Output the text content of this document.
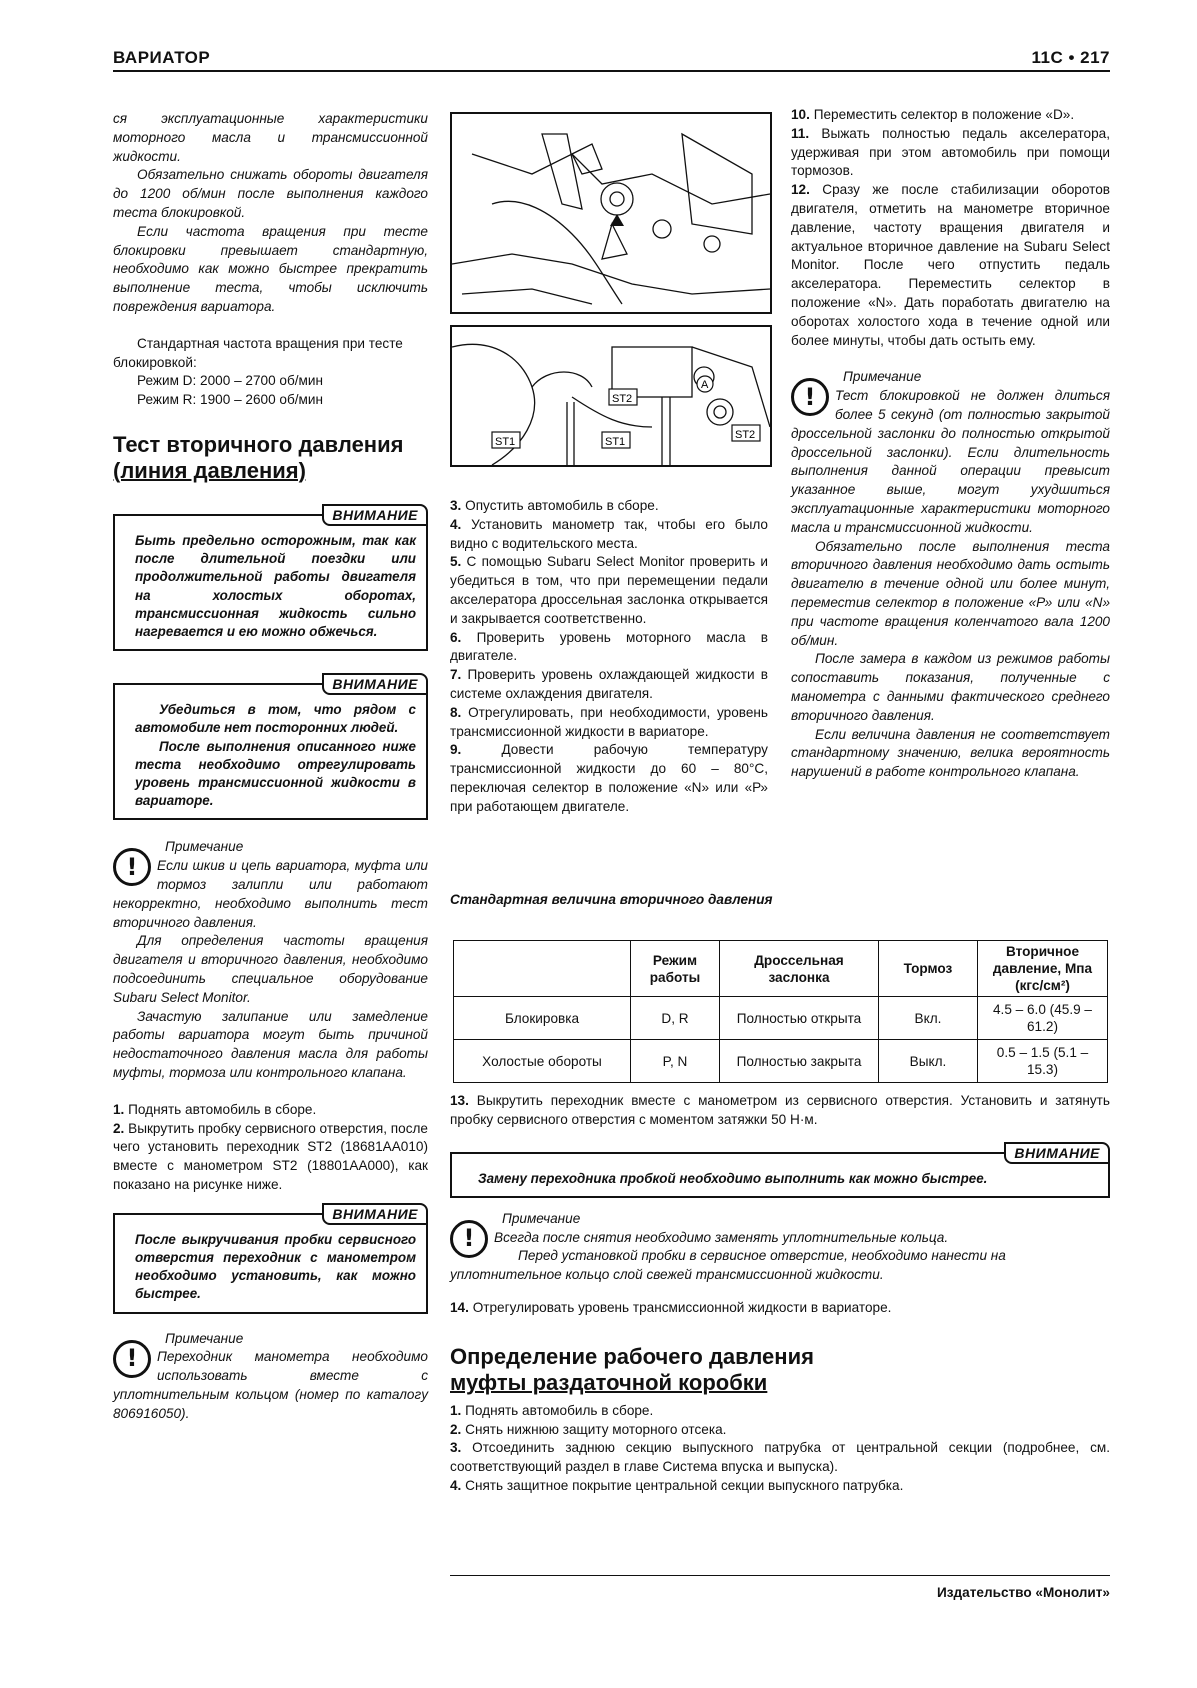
ВАРИАТОР	11С • 217

ся эксплуатационные характеристики моторного масла и трансмиссионной жидкости.

Обязательно снижать обороты двигателя до 1200 об/мин после выполнения каждого теста блокировкой.

Если частота вращения при тесте блокировки превышает стандартную, необходимо как можно быстрее прекратить выполнение теста, чтобы исключить повреждения вариатора.

Стандартная частота вращения при тесте блокировкой:

Режим D: 2000 – 2700 об/мин

Режим R: 1900 – 2600 об/мин

Тест вторичного давления
(линия давления)
ВНИМАНИЕ

Быть предельно осторожным, так как после длительной поездки или продолжительной работы двигателя на холостых оборотах, трансмиссионная жидкость сильно нагревается и ею можно обжечься.

ВНИМАНИЕ

Убедиться в том, что рядом с автомобиле нет посторонних людей.

После выполнения описанного ниже теста необходимо отрегулировать уровень трансмиссионной жидкости в вариаторе.

!

Примечание

Если шкив и цепь вариатора, муфта или тормоз залипли или работают некорректно, необходимо выполнить тест вторичного давления.

Для определения частоты вращения двигателя и вторичного давления, необходимо подсоединить специальное оборудование Subaru Select Monitor.

Зачастую залипание или замедление работы вариатора могут быть причиной недостаточного давления масла для работы муфты, тормоза или контрольного клапана.

1. Поднять автомобиль в сборе.

2. Выкрутить пробку сервисного отверстия, после чего установить переходник ST2 (18681AA010) вместе с манометром ST2 (18801AA000), как показано на рисунке ниже.

ВНИМАНИЕ

После выкручивания пробки сервисного отверстия переходник с манометром необходимо установить, как можно быстрее.

!

Примечание

Переходник манометра необходимо использовать вместе с уплотнительным кольцом (номер по каталогу 806916050).

ST2
ST1	ST1
ST2
A

3. Опустить автомобиль в сборе.

4. Установить манометр так, чтобы его было видно с водительского места.

5. С помощью Subaru Select Monitor проверить и убедиться в том, что при перемещении педали акселератора дроссельная заслонка открывается и закрывается соответственно.

6. Проверить уровень моторного масла в двигателе.

7. Проверить уровень охлаждающей жидкости в системе охлаждения двигателя.

8. Отрегулировать, при необходимости, уровень трансмиссионной жидкости в вариаторе.

9. Довести рабочую температуру трансмиссионной жидкости до 60 – 80°С, переключая селектор в положение «N» или «Р» при работающем двигателе.

10. Переместить селектор в положение «D».

11. Выжать полностью педаль акселератора, удерживая при этом автомобиль при помощи тормозов.

12. Сразу же после стабилизации оборотов двигателя, отметить на манометре вторичное давление, частоту вращения двигателя и актуальное вторичное давление на Subaru Select Monitor. После чего отпустить педаль акселератора. Переместить селектор в положение «N». Дать поработать двигателю на оборотах холостого хода в течение одной или более минуты, чтобы дать остыть ему.

!

Примечание

Тест блокировкой не должен длиться более 5 секунд (от полностью закрытой дроссельной заслонки до полностью открытой дроссельной заслонки). Если длительность выполнения данной операции превысит указанное выше, могут ухудшиться эксплуатационные характеристики моторного масла и трансмиссионной жидкости.

Обязательно после выполнения теста вторичного давления необходимо дать остыть двигателю в течение одной или более минут, переместив селектор в положение «Р» или «N» при частоте вращения коленчатого вала 1200 об/мин.

После замера в каждом из режимов работы сопоставить показания, полученные с манометра с данными фактического среднего вторичного давления.

Если величина давления не соответствует стандартному значению, велика вероятность нарушений в работе контрольного клапана.

Стандартная величина вторичного давления
	Режим работы	Дроссельная заслонка	Тормоз	Вторичное давление, Мпа (кгс/см²)
Блокировка	D, R	Полностью открыта	Вкл.	4.5 – 6.0 (45.9 – 61.2)
Холостые обороты	P, N	Полностью закрыта	Выкл.	0.5 – 1.5 (5.1 – 15.3)

13. Выкрутить переходник вместе с манометром из сервисного отверстия. Установить и затянуть пробку сервисного отверстия с моментом затяжки 50 Н·м.

ВНИМАНИЕ

Замену переходника пробкой необходимо выполнить как можно быстрее.

!

Примечание

Всегда после снятия необходимо заменять уплотнительные кольца.

Перед установкой пробки в сервисное отверстие, необходимо нанести на уплотнительное кольцо слой свежей трансмиссионной жидкости.

14. Отрегулировать уровень трансмиссионной жидкости в вариаторе.

Определение рабочего давления
муфты раздаточной коробки

1. Поднять автомобиль в сборе.

2. Снять нижнюю защиту моторного отсека.

3. Отсоединить заднюю секцию выпускного патрубка от центральной секции (подробнее, см. соответствующий раздел в главе Система впуска и выпуска).

4. Снять защитное покрытие центральной секции выпускного патрубка.

Издательство «Монолит»
